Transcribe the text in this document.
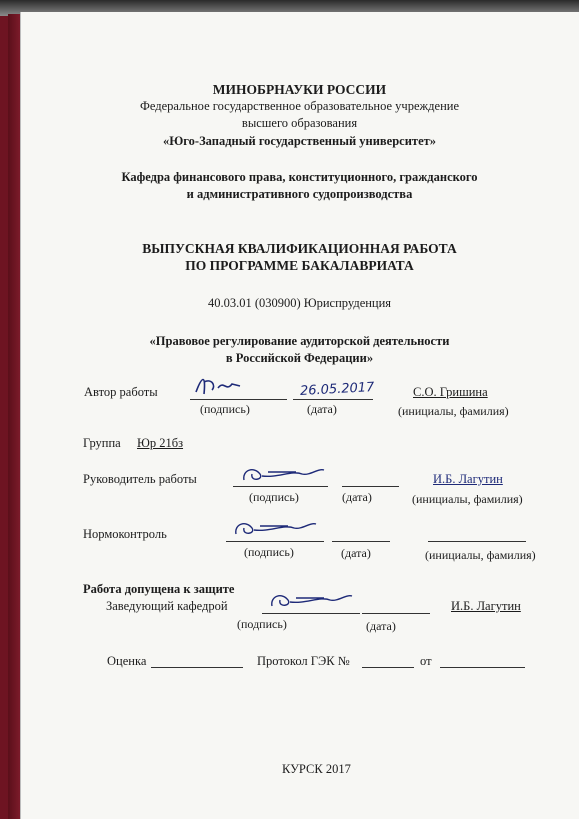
МИНОБРНАУКИ РОССИИ
Федеральное государственное образовательное учреждение
высшего образования
«Юго-Западный государственный университет»
Кафедра финансового права, конституционного, гражданского
и административного судопроизводства
ВЫПУСКНАЯ КВАЛИФИКАЦИОННАЯ РАБОТА
ПО ПРОГРАММЕ БАКАЛАВРИАТА
40.03.01 (030900) Юриспруденция
«Правовое регулирование аудиторской деятельности
в Российской Федерации»
Автор работы	26.05.2017	С.О. Гришина
(подпись)	(дата)	(инициалы, фамилия)
Группа Юр 21бз
Руководитель работы	И.Б. Лагутин
(подпись)	(дата)	(инициалы, фамилия)
Нормоконтроль
(подпись)	(дата)	(инициалы, фамилия)
Работа допущена к защите
Заведующий кафедрой	И.Б. Лагутин
(подпись)	(дата)
Оценка	Протокол ГЭК №	от
КУРСК 2017
